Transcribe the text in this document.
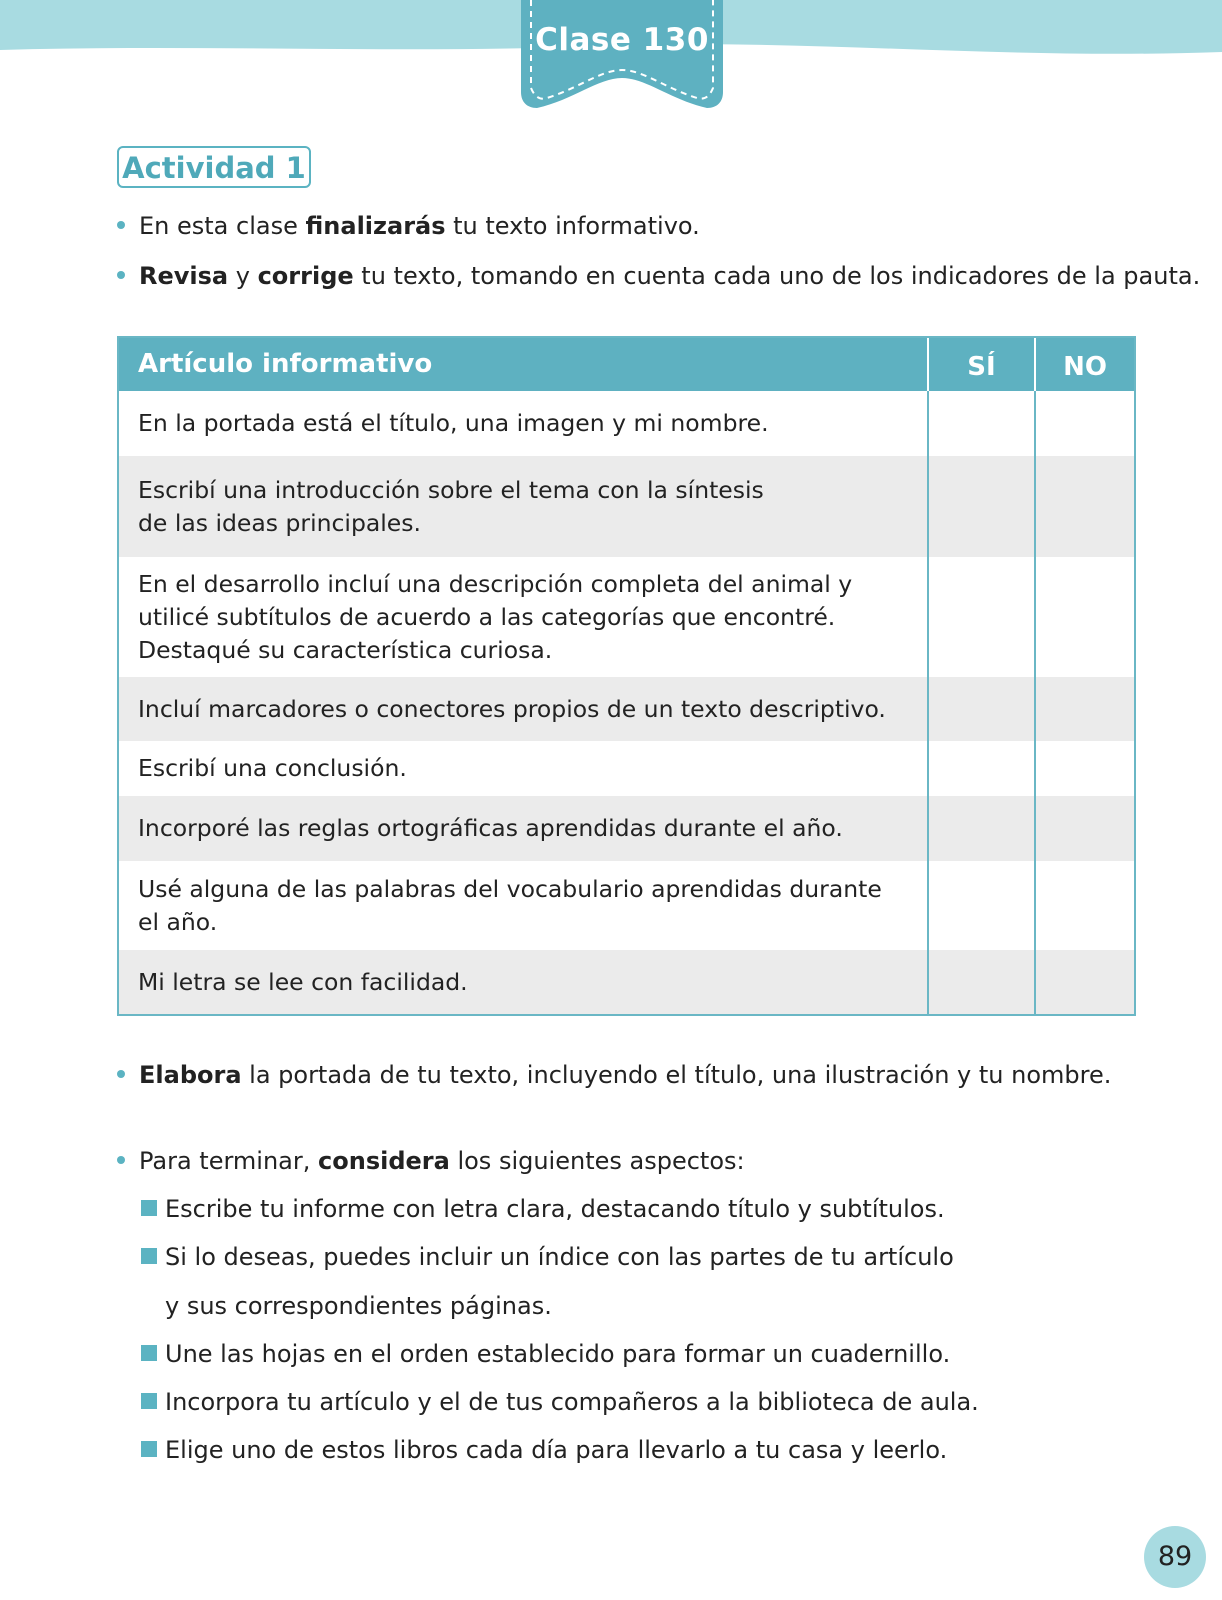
Clase 130
Actividad 1
En esta clase finalizarás tu texto informativo.
Revisa y corrige tu texto, tomando en cuenta cada uno de los indicadores de la pauta.
Artículo informativo	SÍ	NO
En la portada está el título, una imagen y mi nombre.
Escribí una introducción sobre el tema con la síntesis
de las ideas principales.
En el desarrollo incluí una descripción completa del animal y
utilicé subtítulos de acuerdo a las categorías que encontré.
Destaqué su característica curiosa.
Incluí marcadores o conectores propios de un texto descriptivo.
Escribí una conclusión.
Incorporé las reglas ortográficas aprendidas durante el año.
Usé alguna de las palabras del vocabulario aprendidas durante
el año.
Mi letra se lee con facilidad.
Elabora la portada de tu texto, incluyendo el título, una ilustración y tu nombre.
Para terminar, considera los siguientes aspectos:
Escribe tu informe con letra clara, destacando título y subtítulos.
Si lo deseas, puedes incluir un índice con las partes de tu artículo
y sus correspondientes páginas.
Une las hojas en el orden establecido para formar un cuadernillo.
Incorpora tu artículo y el de tus compañeros a la biblioteca de aula.
Elige uno de estos libros cada día para llevarlo a tu casa y leerlo.
89
